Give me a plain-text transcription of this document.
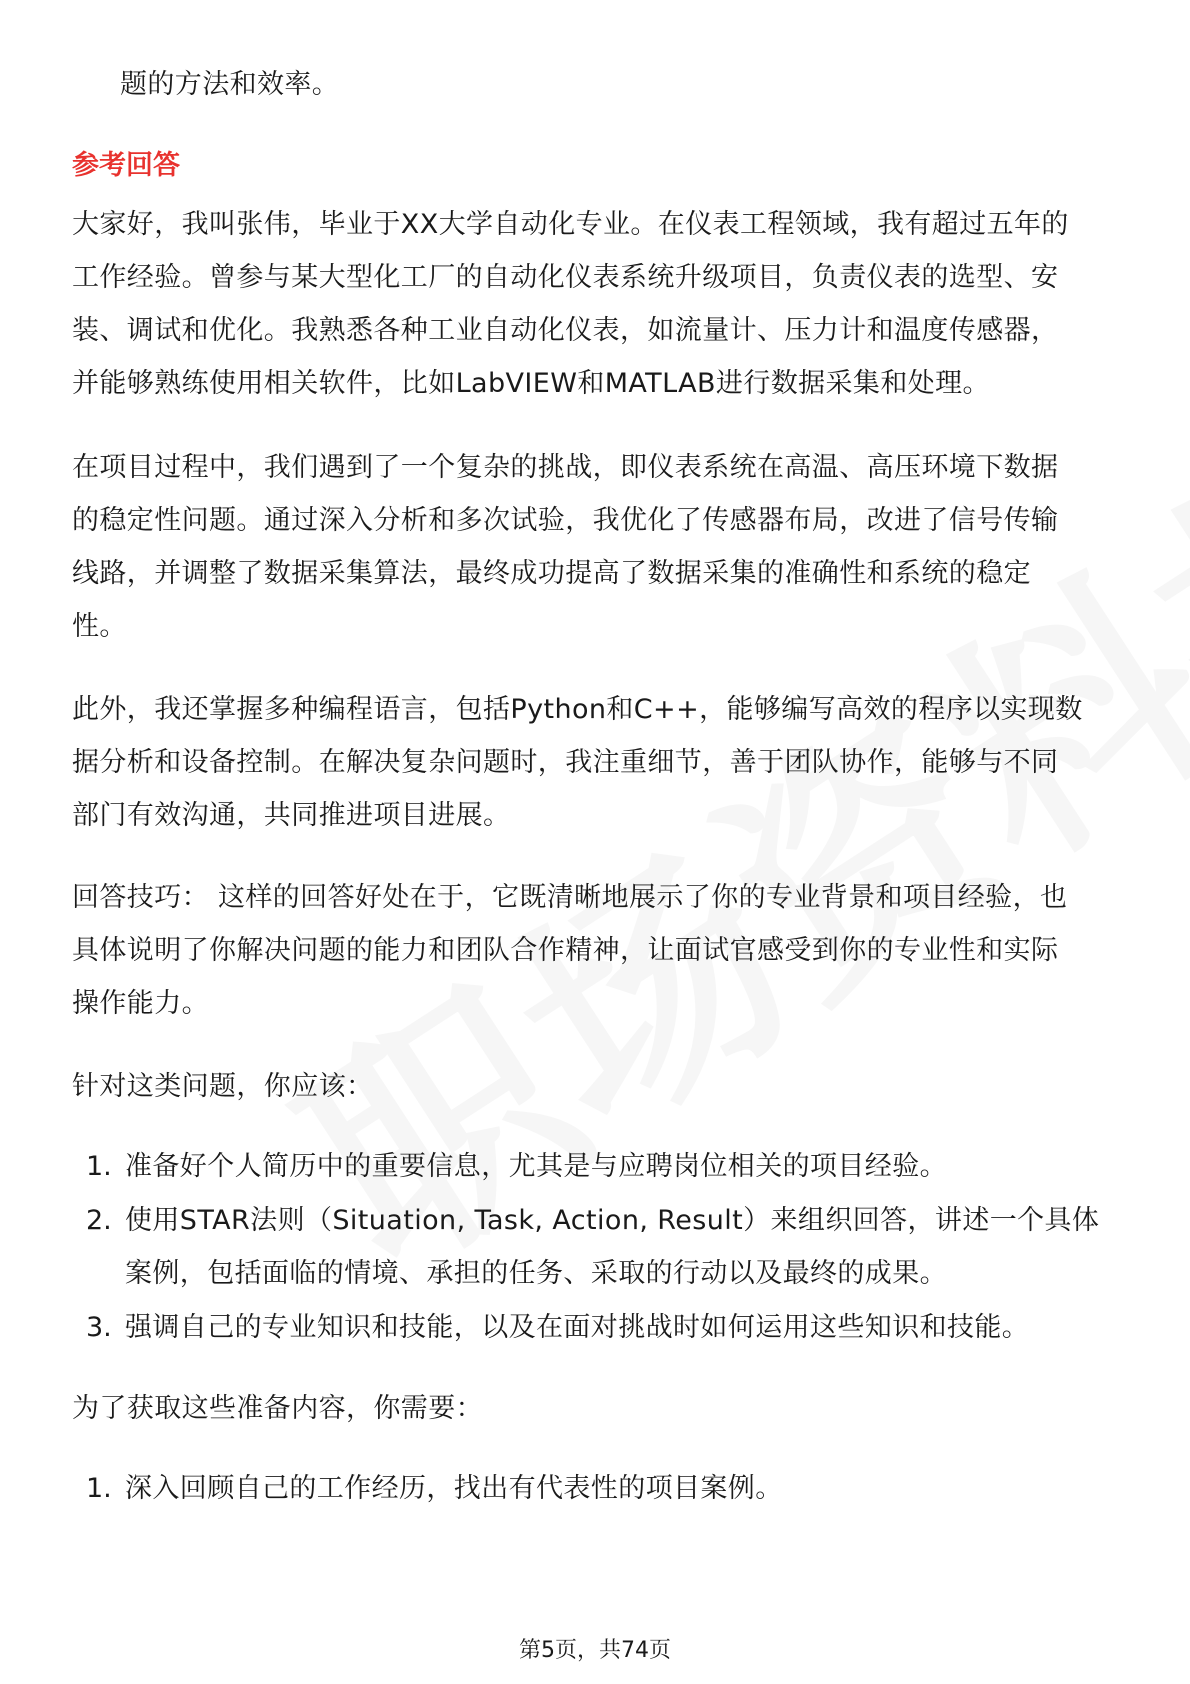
题的方法和效率。
参考回答
大家好，我叫张伟，毕业于XX大学自动化专业。在仪表工程领域，我有超过五年的
工作经验。曾参与某大型化工厂的自动化仪表系统升级项目，负责仪表的选型、安
装、调试和优化。我熟悉各种工业自动化仪表，如流量计、压力计和温度传感器，
并能够熟练使用相关软件，比如LabVIEW和MATLAB进行数据采集和处理。
在项目过程中，我们遇到了一个复杂的挑战，即仪表系统在高温、高压环境下数据
的稳定性问题。通过深入分析和多次试验，我优化了传感器布局，改进了信号传输
线路，并调整了数据采集算法，最终成功提高了数据采集的准确性和系统的稳定
性。
此外，我还掌握多种编程语言，包括Python和C++，能够编写高效的程序以实现数
据分析和设备控制。在解决复杂问题时，我注重细节，善于团队协作，能够与不同
部门有效沟通，共同推进项目进展。
回答技巧： 这样的回答好处在于，它既清晰地展示了你的专业背景和项目经验，也
具体说明了你解决问题的能力和团队合作精神，让面试官感受到你的专业性和实际
操作能力。
针对这类问题，你应该：
1. 准备好个人简历中的重要信息，尤其是与应聘岗位相关的项目经验。
2. 使用STAR法则（Situation, Task, Action, Result）来组织回答，讲述一个具体
案例，包括面临的情境、承担的任务、采取的行动以及最终的成果。
3. 强调自己的专业知识和技能，以及在面对挑战时如何运用这些知识和技能。
为了获取这些准备内容，你需要：
1. 深入回顾自己的工作经历，找出有代表性的项目案例。
第5页，共74页
